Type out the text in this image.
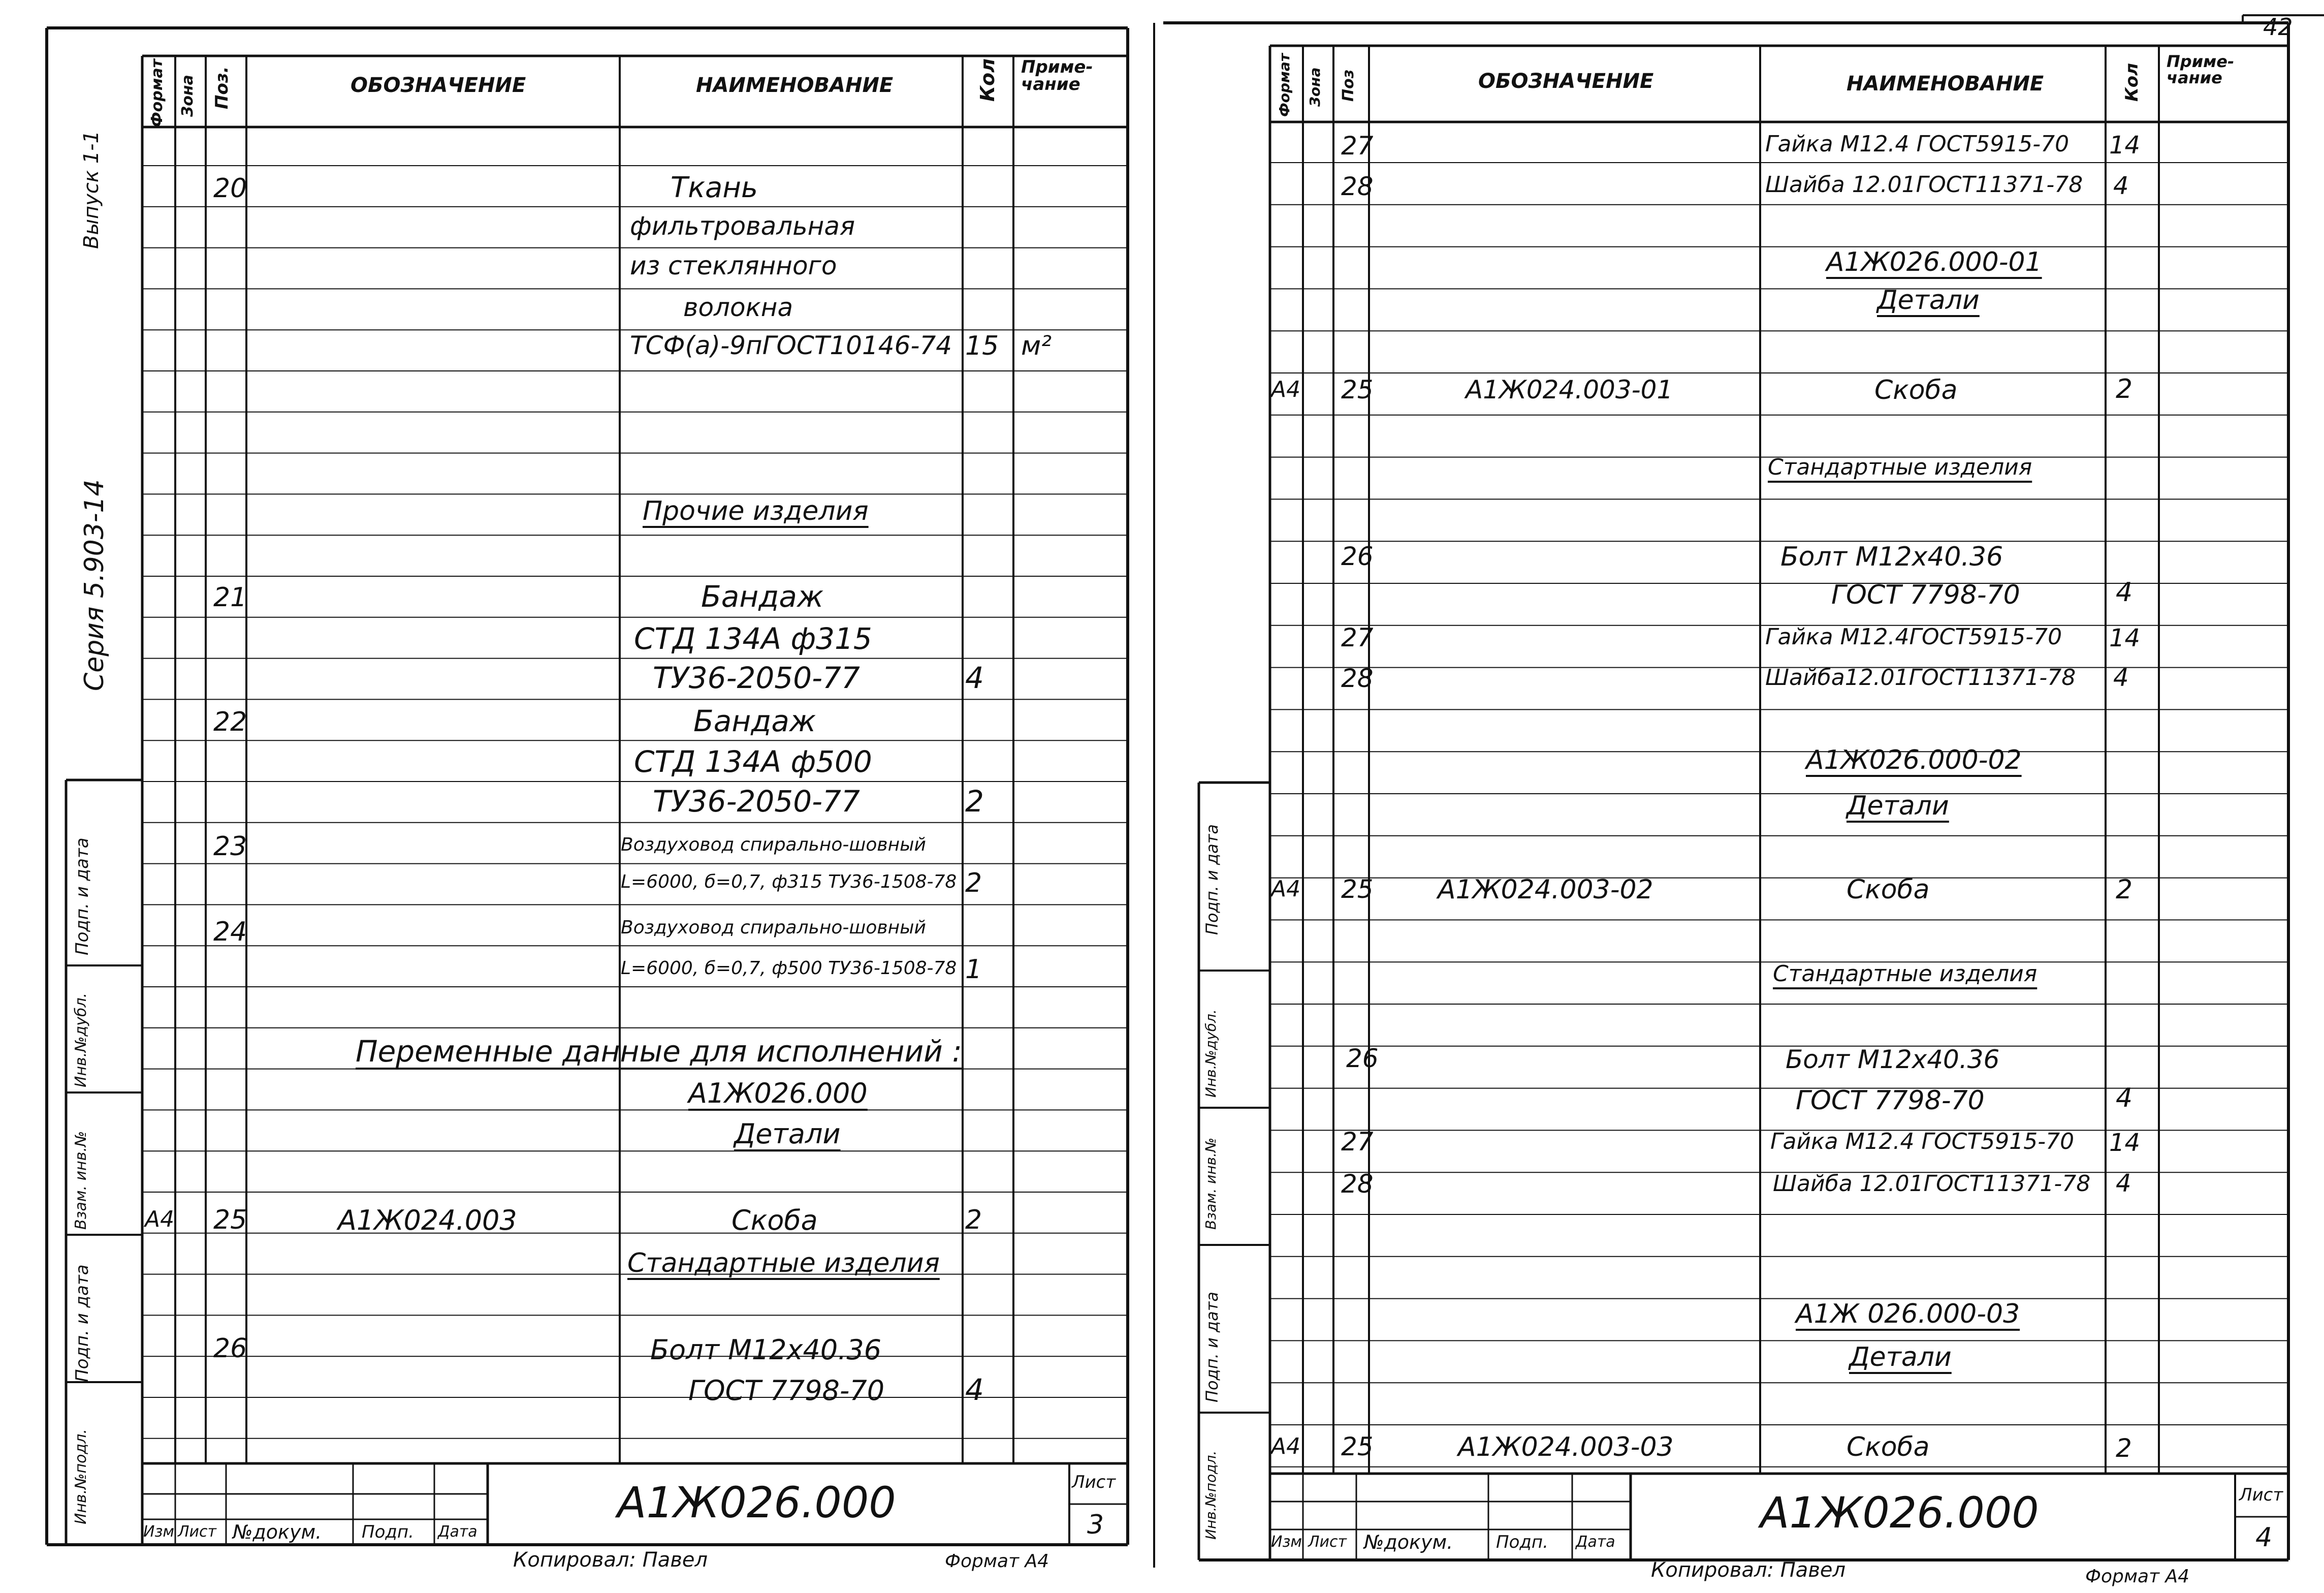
42
Выпуск 1-1
Серия 5.903-14
Подп. и дата
Инв.№дубл.
Взам. инв.№
Подп. и дата
Инв.№подл.
Формат Зона Поз.	ОБОЗНАЧЕНИЕ	НАИМЕНОВАНИЕ	Кол Приме- чание
20	Ткань
фильтровальная
из стеклянного
волокна
ТСФ(а)-9пГОСТ10146-74 15 м²
Прочие изделия
21	Бандаж
СТД 134А ф315
ТУ36-2050-77	4
22	Бандаж
СТД 134А ф500
ТУ36-2050-77	2
23	Воздуховод спирально-шовный
L=6000, б=0,7, ф315 ТУ36-1508-78 2
24	Воздуховод спирально-шовный
L=6000, б=0,7, ф500 ТУ36-1508-78 1
Переменные данные для исполнений :
А1Ж026.000
Детали
А4 25	А1Ж024.003	Скоба	2
Стандартные изделия
26	Болт М12х40.36
ГОСТ 7798-70	4
Изм Лист №докум. Подп. Дата
А1Ж026.000	Лист
3
Копировал: Павел	Формат А4
Подп. и дата
Инв.№дубл.
Взам. инв.№
Подп. и дата
Инв.№подл.
Формат Зона Поз	ОБОЗНАЧЕНИЕ	НАИМЕНОВАНИЕ	Кол
Приме- чание
27	Гайка М12.4 ГОСТ5915-70 14
28	Шайба 12.01ГОСТ11371-78 4
А1Ж026.000-01
Детали
А4 25	А1Ж024.003-01	Скоба	2
Стандартные изделия
26	Болт М12х40.36
ГОСТ 7798-70	4
27	Гайка М12.4ГОСТ5915-70 14
28	Шайба12.01ГОСТ11371-78 4
А1Ж026.000-02
Детали
А4 25 А1Ж024.003-02	Скоба	2
Стандартные изделия
26	Болт М12х40.36
ГОСТ 7798-70	4
27	Гайка М12.4 ГОСТ5915-70 14
28	Шайба 12.01ГОСТ11371-78 4
А1Ж 026.000-03
Детали
А4 25	А1Ж024.003-03	Скоба	2
Изм Лист №докум. Подп. Дата
А1Ж026.000	Лист
4
Копировал: Павел	Формат А4
